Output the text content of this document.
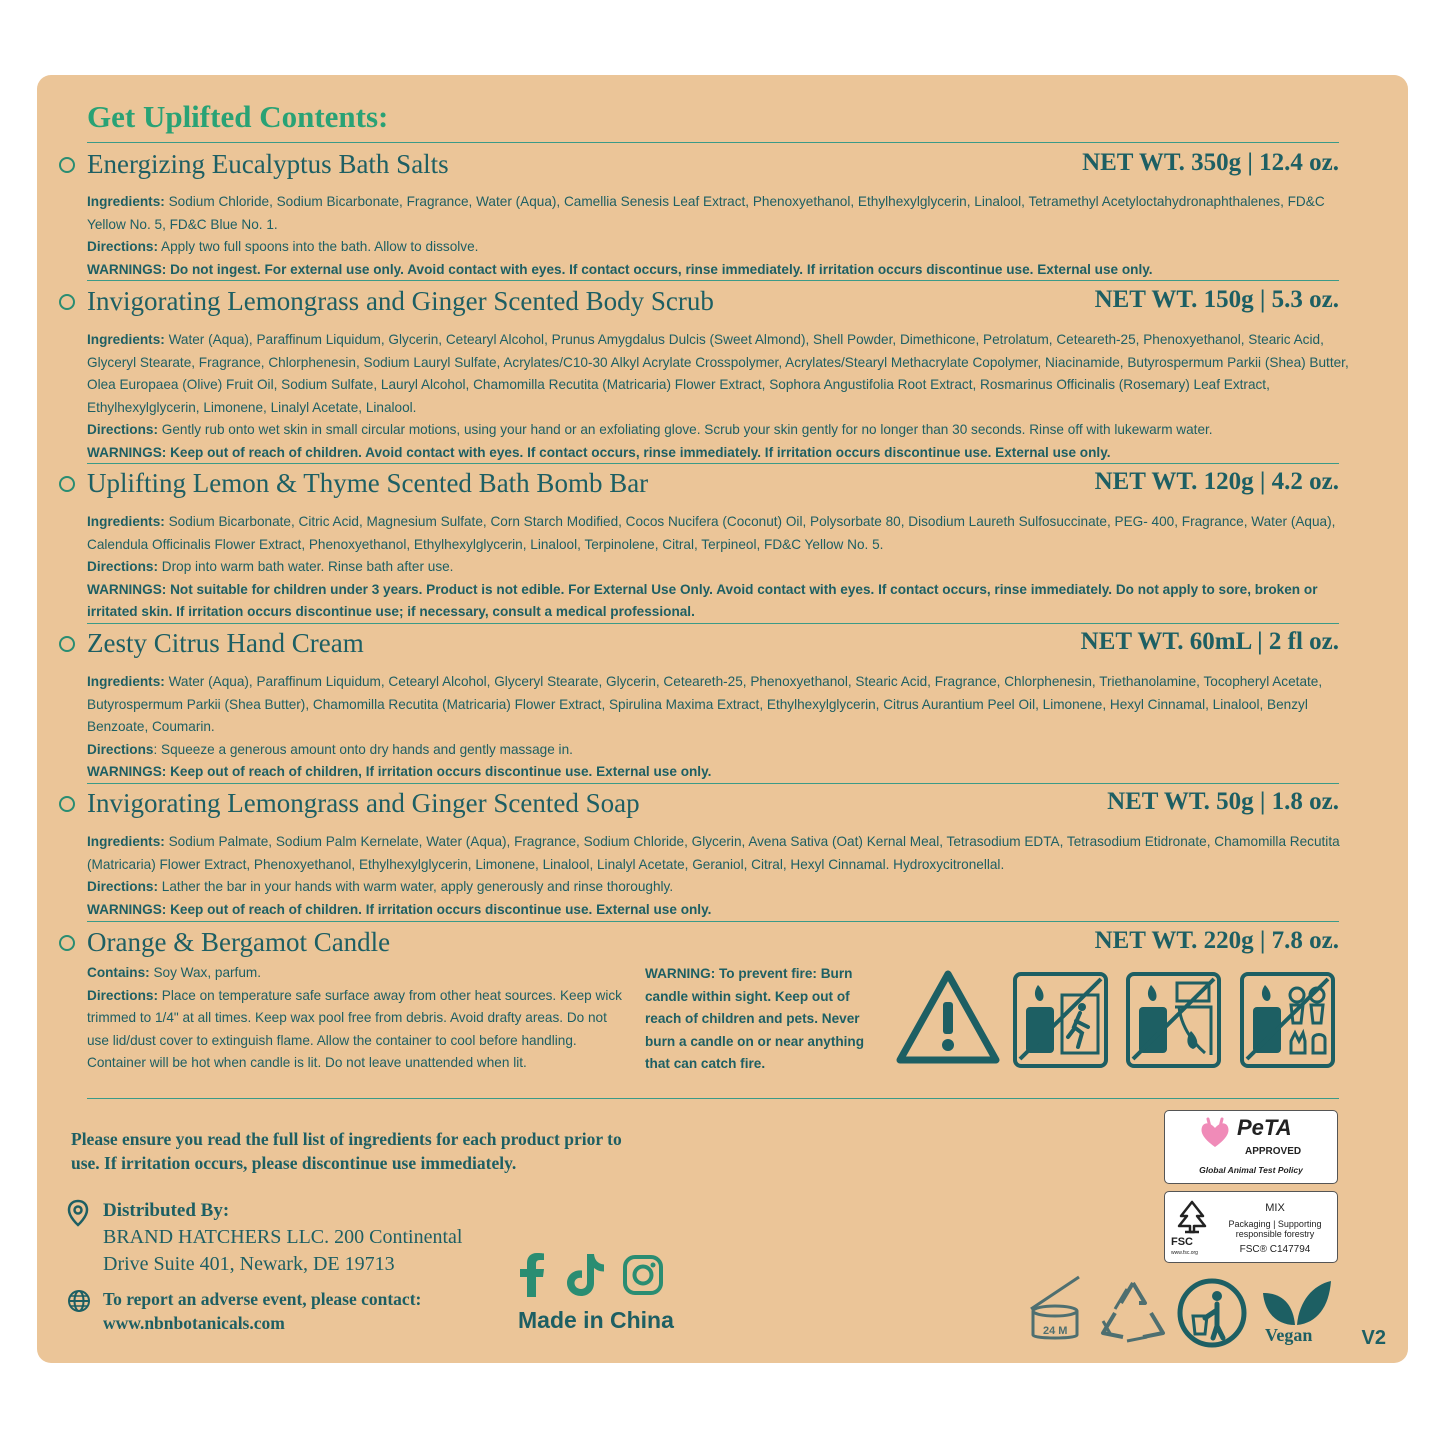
Get Uplifted Contents:
Energizing Eucalyptus Bath Salts	NET WT. 350g | 12.4 oz.
Ingredients: Sodium Chloride, Sodium Bicarbonate, Fragrance, Water (Aqua), Camellia Senesis Leaf Extract, Phenoxyethanol, Ethylhexylglycerin, Linalool, Tetramethyl Acetyloctahydronaphthalenes, FD&C Yellow No. 5, FD&C Blue No. 1.
Directions: Apply two full spoons into the bath. Allow to dissolve.
WARNINGS: Do not ingest. For external use only. Avoid contact with eyes. If contact occurs, rinse immediately. If irritation occurs discontinue use. External use only.
Invigorating Lemongrass and Ginger Scented Body Scrub	NET WT. 150g | 5.3 oz.
Ingredients: Water (Aqua), Paraffinum Liquidum, Glycerin, Cetearyl Alcohol, Prunus Amygdalus Dulcis (Sweet Almond), Shell Powder, Dimethicone, Petrolatum, Ceteareth-25, Phenoxyethanol, Stearic Acid, Glyceryl Stearate, Fragrance, Chlorphenesin, Sodium Lauryl Sulfate, Acrylates/C10-30 Alkyl Acrylate Crosspolymer, Acrylates/Stearyl Methacrylate Copolymer, Niacinamide, Butyrospermum Parkii (Shea) Butter, Olea Europaea (Olive) Fruit Oil, Sodium Sulfate, Lauryl Alcohol, Chamomilla Recutita (Matricaria) Flower Extract, Sophora Angustifolia Root Extract, Rosmarinus Officinalis (Rosemary) Leaf Extract, Ethylhexylglycerin, Limonene, Linalyl Acetate, Linalool.
Directions: Gently rub onto wet skin in small circular motions, using your hand or an exfoliating glove. Scrub your skin gently for no longer than 30 seconds. Rinse off with lukewarm water.
WARNINGS: Keep out of reach of children. Avoid contact with eyes. If contact occurs, rinse immediately. If irritation occurs discontinue use. External use only.
Uplifting Lemon & Thyme Scented Bath Bomb Bar	NET WT. 120g | 4.2 oz.
Ingredients: Sodium Bicarbonate, Citric Acid, Magnesium Sulfate, Corn Starch Modified, Cocos Nucifera (Coconut) Oil, Polysorbate 80, Disodium Laureth Sulfosuccinate, PEG- 400, Fragrance, Water (Aqua), Calendula Officinalis Flower Extract, Phenoxyethanol, Ethylhexylglycerin, Linalool, Terpinolene, Citral, Terpineol, FD&C Yellow No. 5.
Directions: Drop into warm bath water. Rinse bath after use.
WARNINGS: Not suitable for children under 3 years. Product is not edible. For External Use Only. Avoid contact with eyes. If contact occurs, rinse immediately. Do not apply to sore, broken or irritated skin. If irritation occurs discontinue use; if necessary, consult a medical professional.
Zesty Citrus Hand Cream	NET WT. 60mL | 2 fl oz.
Ingredients: Water (Aqua), Paraffinum Liquidum, Cetearyl Alcohol, Glyceryl Stearate, Glycerin, Ceteareth-25, Phenoxyethanol, Stearic Acid, Fragrance, Chlorphenesin, Triethanolamine, Tocopheryl Acetate, Butyrospermum Parkii (Shea Butter), Chamomilla Recutita (Matricaria) Flower Extract, Spirulina Maxima Extract, Ethylhexylglycerin, Citrus Aurantium Peel Oil, Limonene, Hexyl Cinnamal, Linalool, Benzyl Benzoate, Coumarin.
Directions: Squeeze a generous amount onto dry hands and gently massage in.
WARNINGS: Keep out of reach of children, If irritation occurs discontinue use. External use only.
Invigorating Lemongrass and Ginger Scented Soap	NET WT. 50g | 1.8 oz.
Ingredients: Sodium Palmate, Sodium Palm Kernelate, Water (Aqua), Fragrance, Sodium Chloride, Glycerin, Avena Sativa (Oat) Kernal Meal, Tetrasodium EDTA, Tetrasodium Etidronate, Chamomilla Recutita (Matricaria) Flower Extract, Phenoxyethanol, Ethylhexylglycerin, Limonene, Linalool, Linalyl Acetate, Geraniol, Citral, Hexyl Cinnamal. Hydroxycitronellal.
Directions: Lather the bar in your hands with warm water, apply generously and rinse thoroughly.
WARNINGS: Keep out of reach of children. If irritation occurs discontinue use. External use only.
Orange & Bergamot Candle	NET WT. 220g | 7.8 oz.
Contains: Soy Wax, parfum.
Directions: Place on temperature safe surface away from other heat sources. Keep wick trimmed to 1/4" at all times. Keep wax pool free from debris. Avoid drafty areas. Do not use lid/dust cover to extinguish flame. Allow the container to cool before handling. Container will be hot when candle is lit. Do not leave unattended when lit.
WARNING: To prevent fire: Burn candle within sight. Keep out of reach of children and pets. Never burn a candle on or near anything that can catch fire.
Please ensure you read the full list of ingredients for each product prior to use. If irritation occurs, please discontinue use immediately.
Distributed By:
BRAND HATCHERS LLC. 200 Continental
Drive Suite 401, Newark, DE 19713
To report an adverse event, please contact:
www.nbnbotanicals.com	Made in China
PeTA
APPROVED
Global Animal Test Policy
FSC
www.fsc.org
MIX
Packaging | Supporting
responsible forestry
FSC® C147794
24 M	Vegan V2
